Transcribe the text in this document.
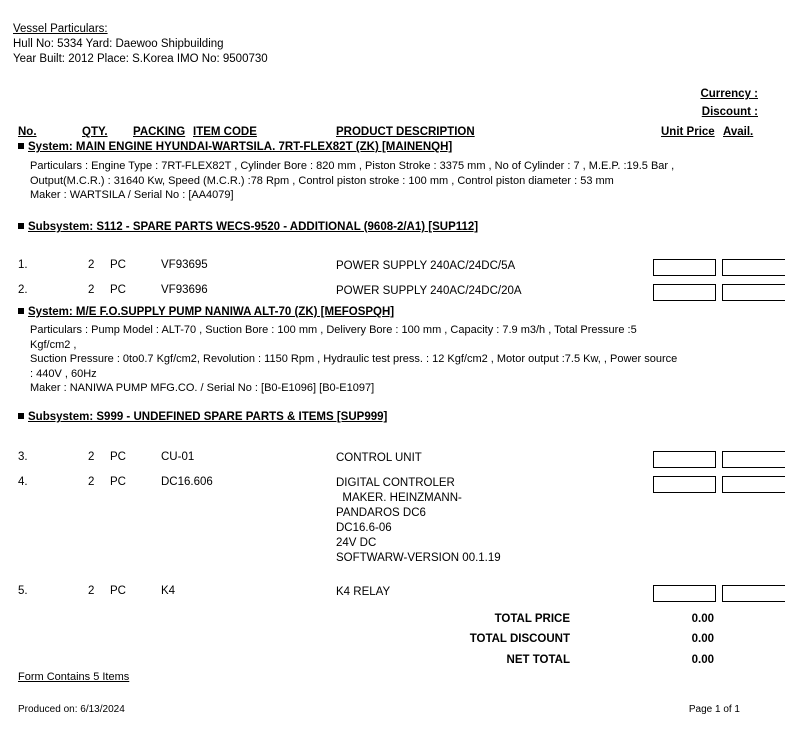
Vessel Particulars:
Hull No: 5334 Yard: Daewoo Shipbuilding
Year Built: 2012 Place: S.Korea IMO No: 9500730
Currency :
Discount :
No.	QTY. PACKING ITEM CODE	PRODUCT DESCRIPTION	Unit Price Avail.
System: MAIN ENGINE HYUNDAI-WARTSILA. 7RT-FLEX82T (ZK) [MAINENQH]
Particulars : Engine Type : 7RT-FLEX82T , Cylinder Bore : 820 mm , Piston Stroke : 3375 mm , No of Cylinder : 7 , M.E.P. :19.5 Bar ,
Output(M.C.R.) : 31640 Kw, Speed (M.C.R.) :78 Rpm , Control piston stroke : 100 mm , Control piston diameter : 53 mm
Maker : WARTSILA / Serial No : [AA4079]
Subsystem: S112 - SPARE PARTS WECS-9520 - ADDITIONAL (9608-2/A1) [SUP112]
1.	2 PC	VF93695	POWER SUPPLY 240AC/24DC/5A
2.	2 PC	VF93696	POWER SUPPLY 240AC/24DC/20A
System: M/E F.O.SUPPLY PUMP NANIWA ALT-70 (ZK) [MEFOSPQH]
Particulars : Pump Model : ALT-70 , Suction Bore : 100 mm , Delivery Bore : 100 mm , Capacity : 7.9 m3/h , Total Pressure :5
Kgf/cm2 ,
Suction Pressure : 0to0.7 Kgf/cm2, Revolution : 1150 Rpm , Hydraulic test press. : 12 Kgf/cm2 , Motor output :7.5 Kw, , Power source
: 440V , 60Hz
Maker : NANIWA PUMP MFG.CO. / Serial No : [B0-E1096] [B0-E1097]
Subsystem: S999 - UNDEFINED SPARE PARTS & ITEMS [SUP999]
3.	2 PC	CU-01	CONTROL UNIT
4.	2 PC	DC16.606	DIGITAL CONTROLER
MAKER. HEINZMANN-
PANDAROS DC6
DC16.6-06
24V DC
SOFTWARW-VERSION 00.1.19
5.	2 PC	K4	K4 RELAY
TOTAL PRICE	0.00
TOTAL DISCOUNT	0.00
NET TOTAL	0.00
Form Contains 5 Items
Produced on: 6/13/2024	Page 1 of 1
